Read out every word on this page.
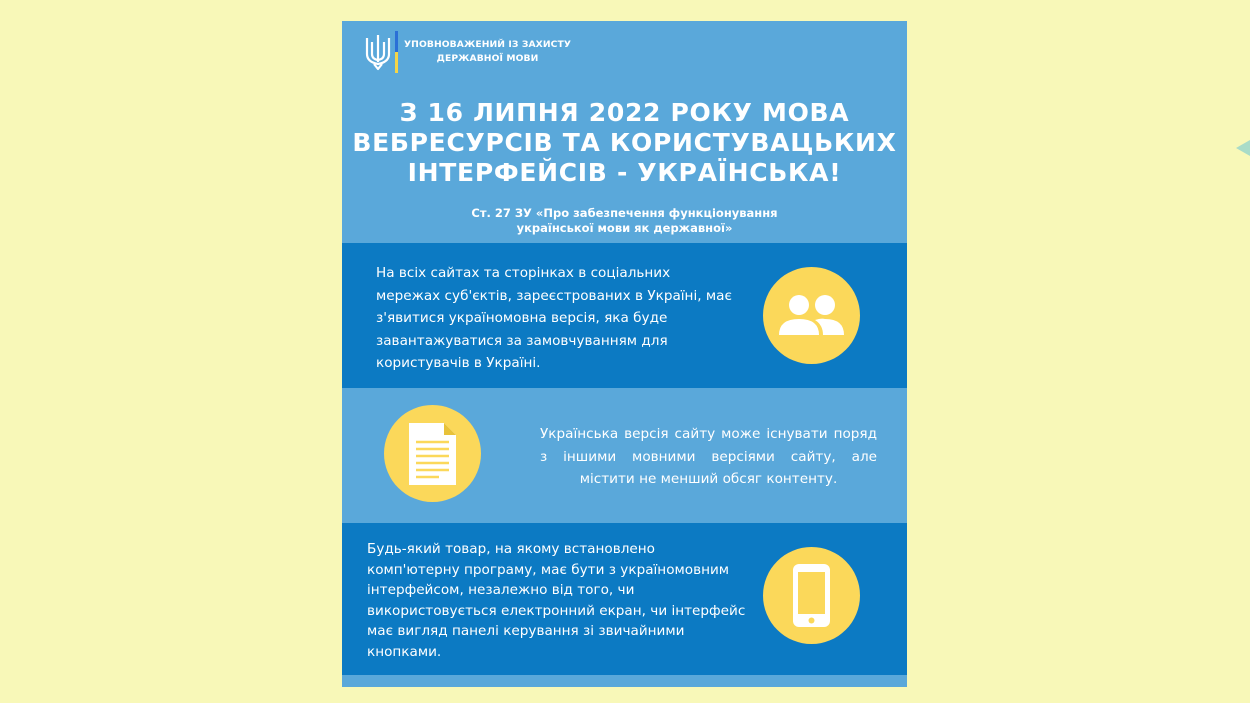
УПОВНОВАЖЕНИЙ ІЗ ЗАХИСТУ
ДЕРЖАВНОЇ МОВИ
З 16 ЛИПНЯ 2022 РОКУ МОВА
ВЕБРЕСУРСІВ ТА КОРИСТУВАЦЬКИХ
ІНТЕРФЕЙСІВ - УКРАЇНСЬКА!
Ст. 27 ЗУ «Про забезпечення функціонування
української мови як державної»
На всіх сайтах та сторінках в соціальних мережах суб'єктів, зареєстрованих в Україні, має з'явитися україномовна версія, яка буде завантажуватися за замовчуванням для користувачів в Україні.
Українська версія сайту може існувати поряд з іншими мовними версіями сайту, але містити не менший обсяг контенту.
Будь-який товар, на якому встановлено комп'ютерну програму, має бути з україномовним інтерфейсом, незалежно від того, чи використовується електронний екран, чи інтерфейс має вигляд панелі керування зі звичайними кнопками.
